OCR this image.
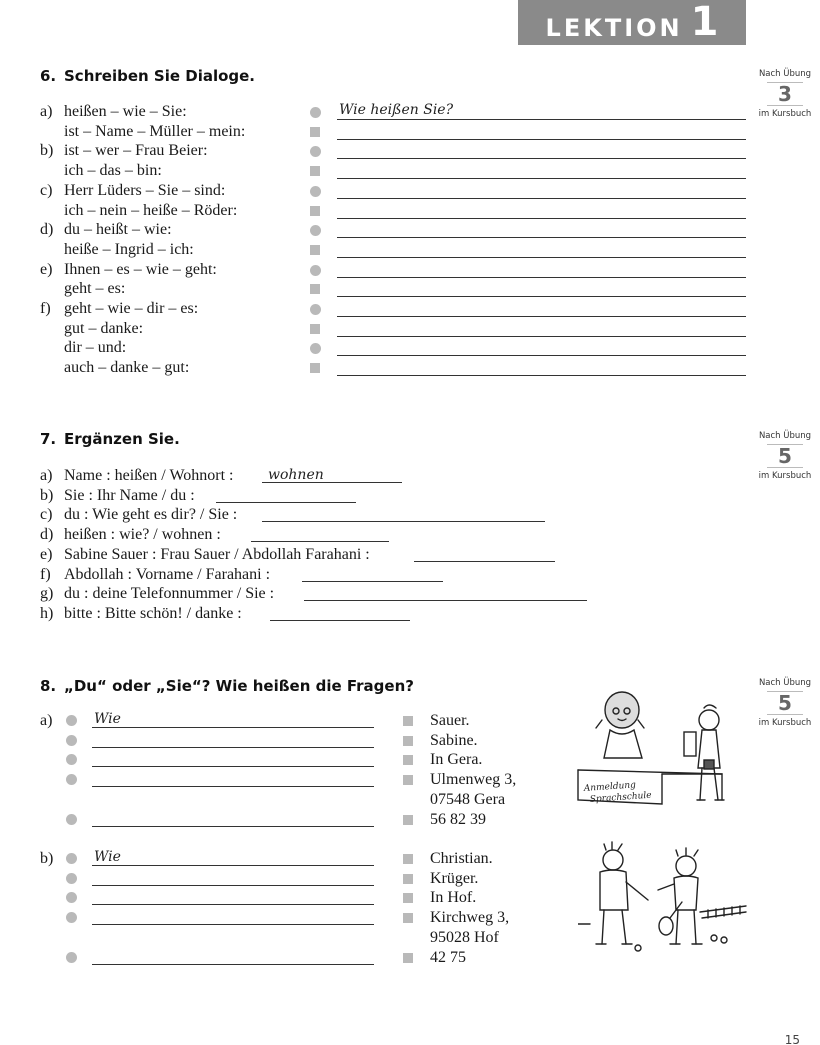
LEKTION 1
6. Schreiben Sie Dialoge.	Nach Übung
3
im Kursbuch
a) heißen – wie – Sie:
ist – Name – Müller – mein:
b) ist – wer – Frau Beier:
ich – das – bin:
c) Herr Lüders – Sie – sind:
ich – nein – heiße – Röder:
d) du – heißt – wie:
heiße – Ingrid – ich:
e) Ihnen – es – wie – geht:
geht – es:
f) geht – wie – dir – es:
gut – danke:
dir – und:
auch – danke – gut:
Wie heißen Sie?
7. Ergänzen Sie.	Nach Übung
5
im Kursbuch
a) Name : heißen / Wohnort :
b) Sie : Ihr Name / du :
c) du : Wie geht es dir? / Sie :
d) heißen : wie? / wohnen :
e) Sabine Sauer : Frau Sauer / Abdollah Farahani :
f) Abdollah : Vorname / Farahani :
g) du : deine Telefonnummer / Sie :
h) bitte : Bitte schön! / danke :
wohnen
8. „Du“ oder „Sie“? Wie heißen die Fragen?	Nach Übung
5
im Kursbuch
a)	Wie	Sauer.
Sabine.
In Gera.
Ulmenweg 3,
07548 Gera
56 82 39
b)	Wie	Christian.
Krüger.
In Hof.
Kirchweg 3,
95028 Hof
42 75
Anmeldung
Sprachschule
15
